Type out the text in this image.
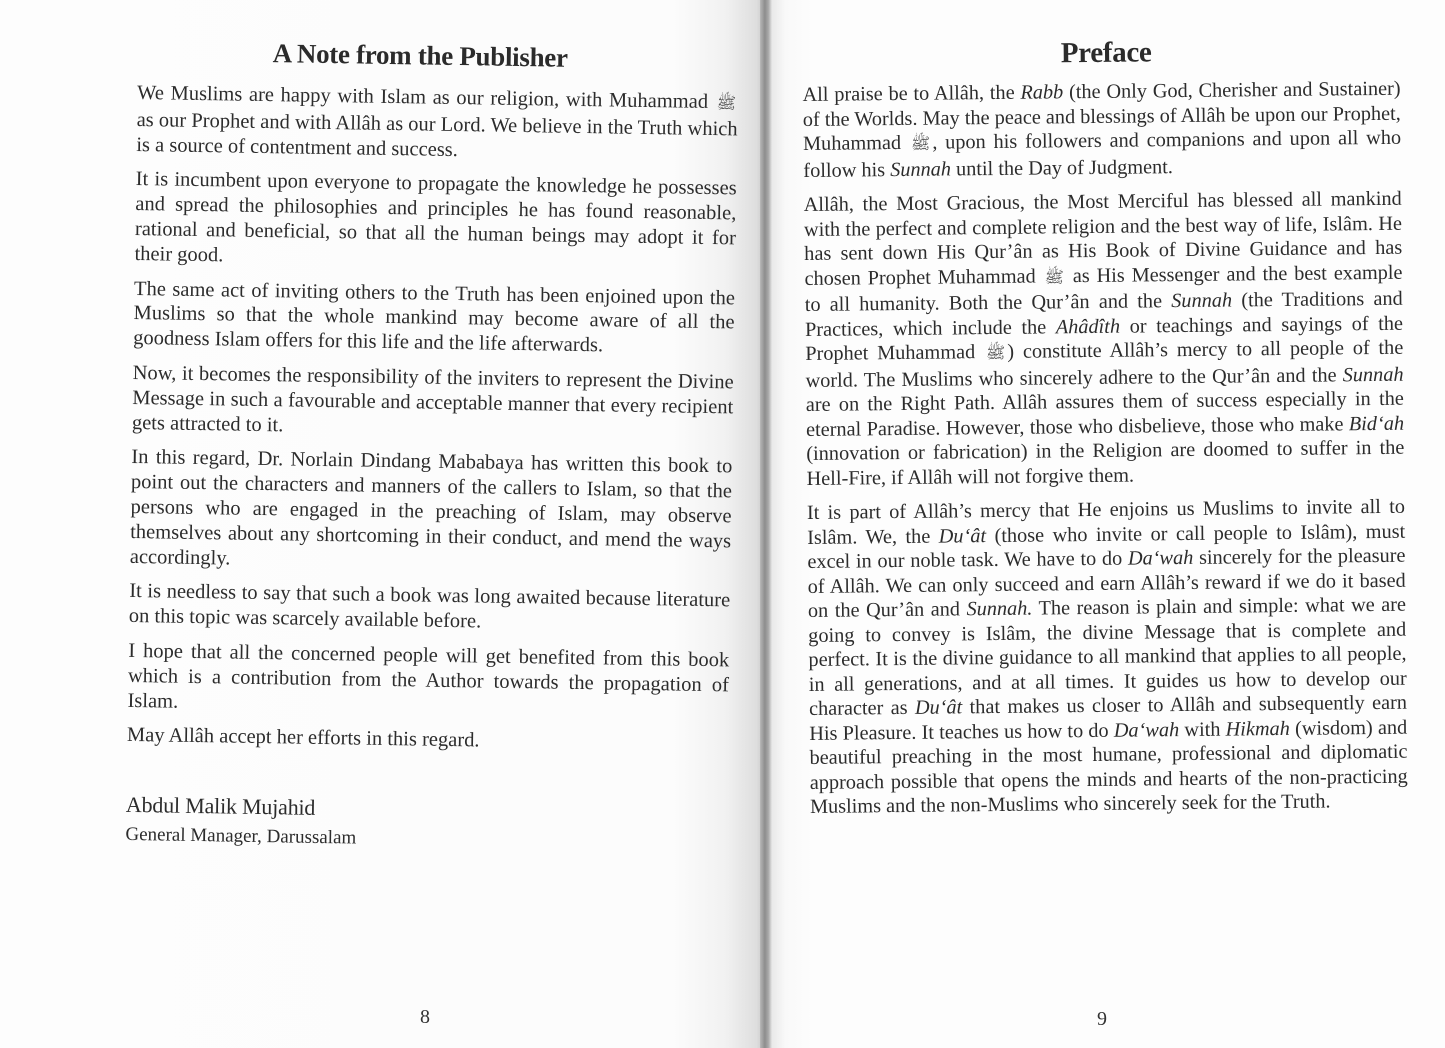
A Note from the Publisher

We Muslims are happy with Islam as our religion, with Muhammad ﷺ as our Prophet and with Allâh as our Lord. We believe in the Truth which is a source of contentment and success.

It is incumbent upon everyone to propagate the knowledge he possesses and spread the philosophies and principles he has found reasonable, rational and beneficial, so that all the human beings may adopt it for their good.

The same act of inviting others to the Truth has been enjoined upon the Muslims so that the whole mankind may become aware of all the goodness Islam offers for this life and the life afterwards.

Now, it becomes the responsibility of the inviters to represent the Divine Message in such a favourable and acceptable manner that every recipient gets attracted to it.

In this regard, Dr. Norlain Dindang Mababaya has written this book to point out the characters and manners of the callers to Islam, so that the persons who are engaged in the preaching of Islam, may observe themselves about any shortcoming in their conduct, and mend the ways accordingly.

It is needless to say that such a book was long awaited because literature on this topic was scarcely available before.

I hope that all the concerned people will get benefited from this book which is a contribution from the Author towards the propagation of Islam.

May Allâh accept her efforts in this regard.

Abdul Malik Mujahid
General Manager, Darussalam
8
Preface

All praise be to Allâh, the Rabb (the Only God, Cherisher and Sustainer) of the Worlds. May the peace and blessings of Allâh be upon our Prophet, Muhammad ﷺ, upon his followers and companions and upon all who follow his Sunnah until the Day of Judgment.

Allâh, the Most Gracious, the Most Merciful has blessed all mankind with the perfect and complete religion and the best way of life, Islâm. He has sent down His Qur’ân as His Book of Divine Guidance and has chosen Prophet Muhammad ﷺ as His Messenger and the best example to all humanity. Both the Qur’ân and the Sunnah (the Traditions and Practices, which include the Ahâdîth or teachings and sayings of the Prophet Muhammad ﷺ) constitute Allâh’s mercy to all people of the world. The Muslims who sincerely adhere to the Qur’ân and the Sunnah are on the Right Path. Allâh assures them of success especially in the eternal Paradise. However, those who disbelieve, those who make Bid‘ah (innovation or fabrication) in the Religion are doomed to suffer in the Hell-Fire, if Allâh will not forgive them.

It is part of Allâh’s mercy that He enjoins us Muslims to invite all to Islâm. We, the Du‘ât (those who invite or call people to Islâm), must excel in our noble task. We have to do Da‘wah sincerely for the pleasure of Allâh. We can only succeed and earn Allâh’s reward if we do it based on the Qur’ân and Sunnah. The reason is plain and simple: what we are going to convey is Islâm, the divine Message that is complete and perfect. It is the divine guidance to all mankind that applies to all people, in all generations, and at all times. It guides us how to develop our character as Du‘ât that makes us closer to Allâh and subsequently earn His Pleasure. It teaches us how to do Da‘wah with Hikmah (wisdom) and beautiful preaching in the most humane, professional and diplomatic approach possible that opens the minds and hearts of the non-practicing Muslims and the non-Muslims who sincerely seek for the Truth.

9
